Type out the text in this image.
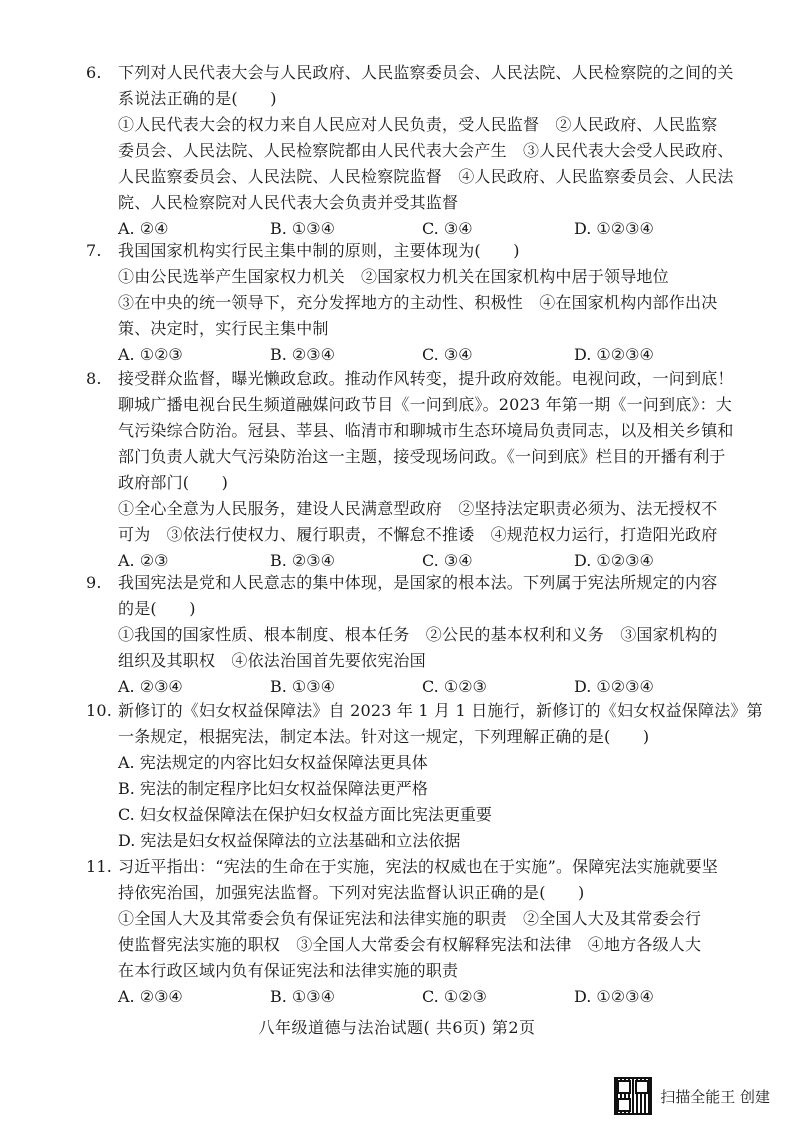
6. 下列对人民代表大会与人民政府、人民监察委员会、人民法院、人民检察院的之间的关
系说法正确的是(　　)
①人民代表大会的权力来自人民应对人民负责，受人民监督　②人民政府、人民监察
委员会、人民法院、人民检察院都由人民代表大会产生　③人民代表大会受人民政府、
人民监察委员会、人民法院、人民检察院监督　④人民政府、人民监察委员会、人民法
院、人民检察院对人民代表大会负责并受其监督
A. ②④	B. ①③④	C. ③④	D. ①②③④
7. 我国国家机构实行民主集中制的原则，主要体现为(　　)
①由公民选举产生国家权力机关　②国家权力机关在国家机构中居于领导地位
③在中央的统一领导下，充分发挥地方的主动性、积极性　④在国家机构内部作出决
策、决定时，实行民主集中制
A. ①②③	B. ②③④	C. ③④	D. ①②③④
8. 接受群众监督，曝光懒政怠政。推动作风转变，提升政府效能。电视问政，一问到底！
聊城广播电视台民生频道融媒问政节目《一问到底》。2023 年第一期《一问到底》：大
气污染综合防治。冠县、莘县、临清市和聊城市生态环境局负责同志，以及相关乡镇和
部门负责人就大气污染防治这一主题，接受现场问政。《一问到底》栏目的开播有利于
政府部门(　　)
①全心全意为人民服务，建设人民满意型政府　②坚持法定职责必须为、法无授权不
可为　③依法行使权力、履行职责，不懈怠不推诿　④规范权力运行，打造阳光政府
A. ②③	B. ②③④	C. ③④	D. ①②③④
9. 我国宪法是党和人民意志的集中体现，是国家的根本法。下列属于宪法所规定的内容
的是(　　)
①我国的国家性质、根本制度、根本任务　②公民的基本权利和义务　③国家机构的
组织及其职权　④依法治国首先要依宪治国
A. ②③④	B. ①③④	C. ①②③	D. ①②③④
10. 新修订的《妇女权益保障法》自 2023 年 1 月 1 日施行，新修订的《妇女权益保障法》第
一条规定，根据宪法，制定本法。针对这一规定，下列理解正确的是(　　)
A. 宪法规定的内容比妇女权益保障法更具体
B. 宪法的制定程序比妇女权益保障法更严格
C. 妇女权益保障法在保护妇女权益方面比宪法更重要
D. 宪法是妇女权益保障法的立法基础和立法依据
11. 习近平指出：“宪法的生命在于实施，宪法的权威也在于实施”。保障宪法实施就要坚
持依宪治国，加强宪法监督。下列对宪法监督认识正确的是(　　)
①全国人大及其常委会负有保证宪法和法律实施的职责　②全国人大及其常委会行
使监督宪法实施的职权　③全国人大常委会有权解释宪法和法律　④地方各级人大
在本行政区域内负有保证宪法和法律实施的职责
A. ②③④	B. ①③④	C. ①②③	D. ①②③④
八年级道德与法治试题( 共6页) 第2页
扫描全能王 创建
